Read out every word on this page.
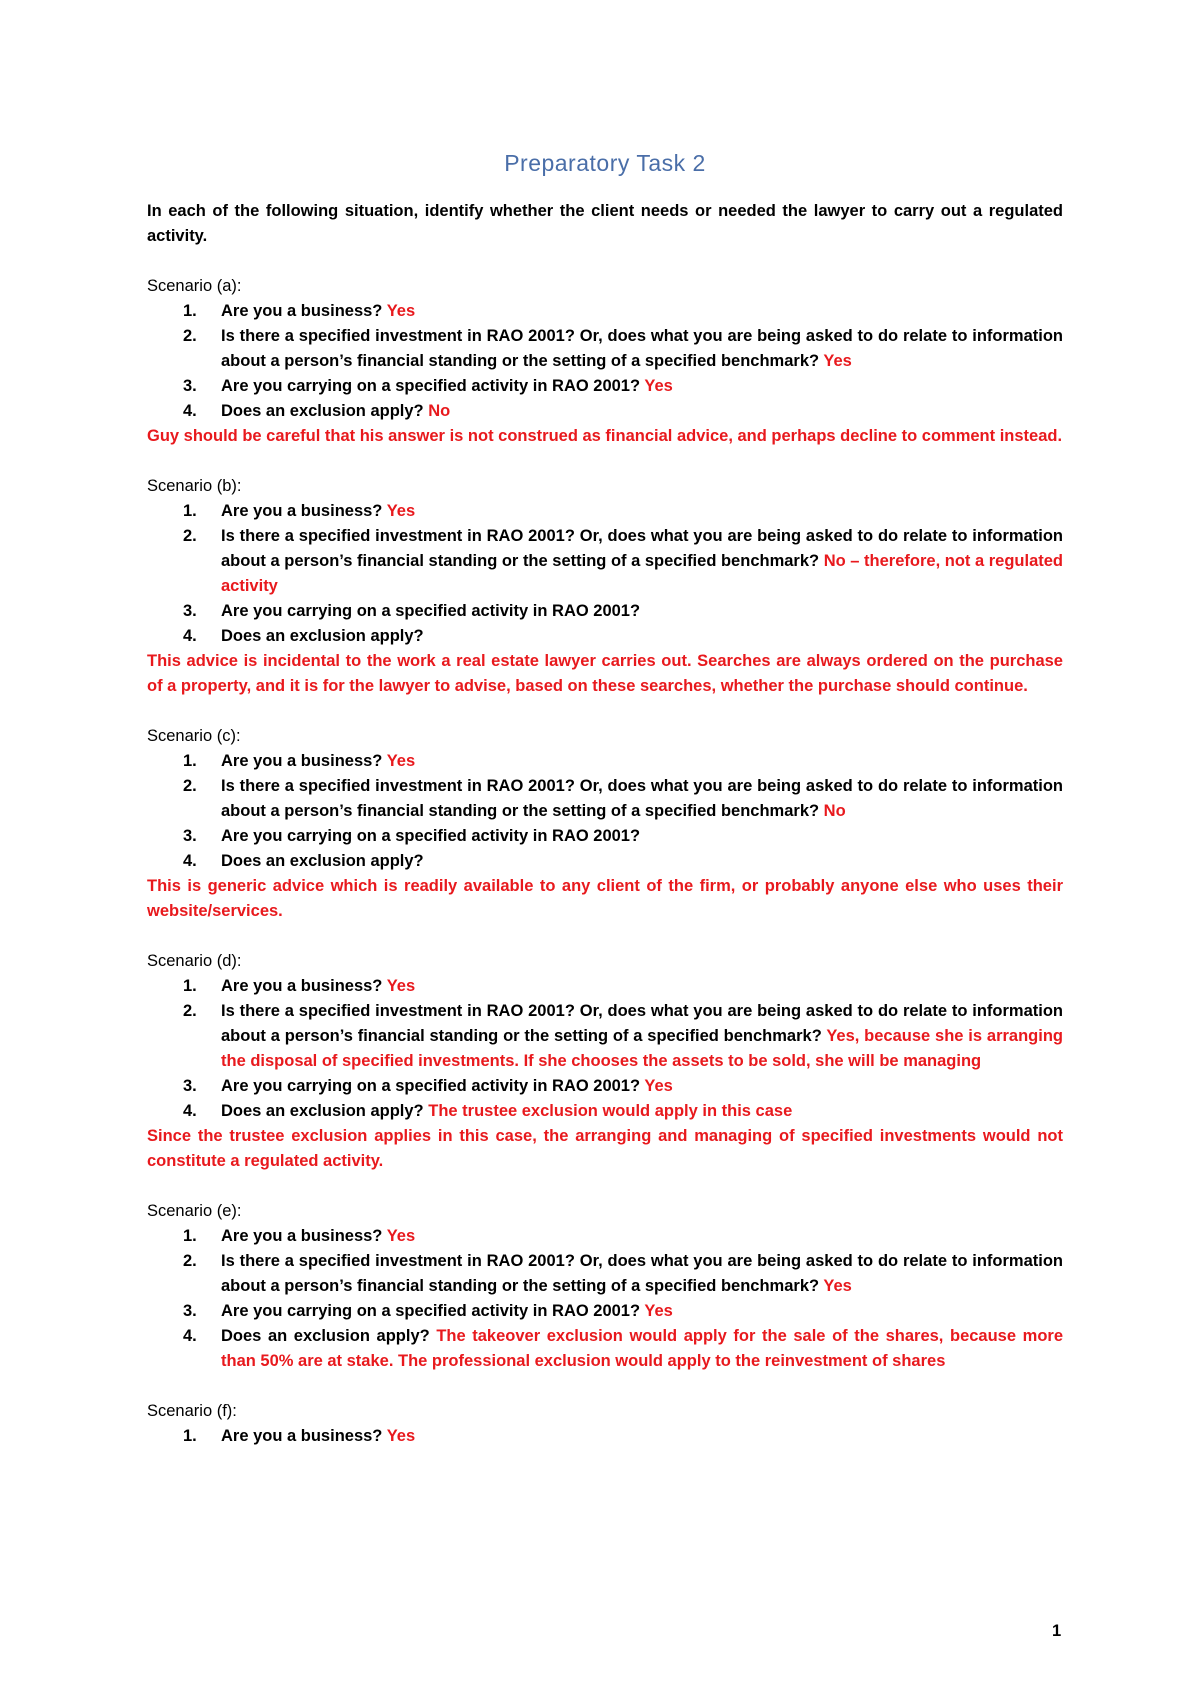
Preparatory Task 2

In each of the following situation, identify whether the client needs or needed the lawyer to carry out a regulated activity.

Scenario (a):

1. Are you a business? Yes
2. Is there a specified investment in RAO 2001? Or, does what you are being asked to do relate to information about a person’s financial standing or the setting of a specified benchmark? Yes
3. Are you carrying on a specified activity in RAO 2001? Yes
4. Does an exclusion apply? No

Guy should be careful that his answer is not construed as financial advice, and perhaps decline to comment instead.

Scenario (b):

1. Are you a business? Yes
2. Is there a specified investment in RAO 2001? Or, does what you are being asked to do relate to information about a person’s financial standing or the setting of a specified benchmark? No – therefore, not a regulated activity
3. Are you carrying on a specified activity in RAO 2001?
4. Does an exclusion apply?

This advice is incidental to the work a real estate lawyer carries out. Searches are always ordered on the purchase of a property, and it is for the lawyer to advise, based on these searches, whether the purchase should continue.

Scenario (c):

1. Are you a business? Yes
2. Is there a specified investment in RAO 2001? Or, does what you are being asked to do relate to information about a person’s financial standing or the setting of a specified benchmark? No
3. Are you carrying on a specified activity in RAO 2001?
4. Does an exclusion apply?

This is generic advice which is readily available to any client of the firm, or probably anyone else who uses their website/services.

Scenario (d):

1. Are you a business? Yes
2. Is there a specified investment in RAO 2001? Or, does what you are being asked to do relate to information about a person’s financial standing or the setting of a specified benchmark? Yes, because she is arranging the disposal of specified investments. If she chooses the assets to be sold, she will be managing
3. Are you carrying on a specified activity in RAO 2001? Yes
4. Does an exclusion apply? The trustee exclusion would apply in this case

Since the trustee exclusion applies in this case, the arranging and managing of specified investments would not constitute a regulated activity.

Scenario (e):

1. Are you a business? Yes
2. Is there a specified investment in RAO 2001? Or, does what you are being asked to do relate to information about a person’s financial standing or the setting of a specified benchmark? Yes
3. Are you carrying on a specified activity in RAO 2001? Yes
4. Does an exclusion apply? The takeover exclusion would apply for the sale of the shares, because more than 50% are at stake. The professional exclusion would apply to the reinvestment of shares

Scenario (f):

1. Are you a business? Yes
1
